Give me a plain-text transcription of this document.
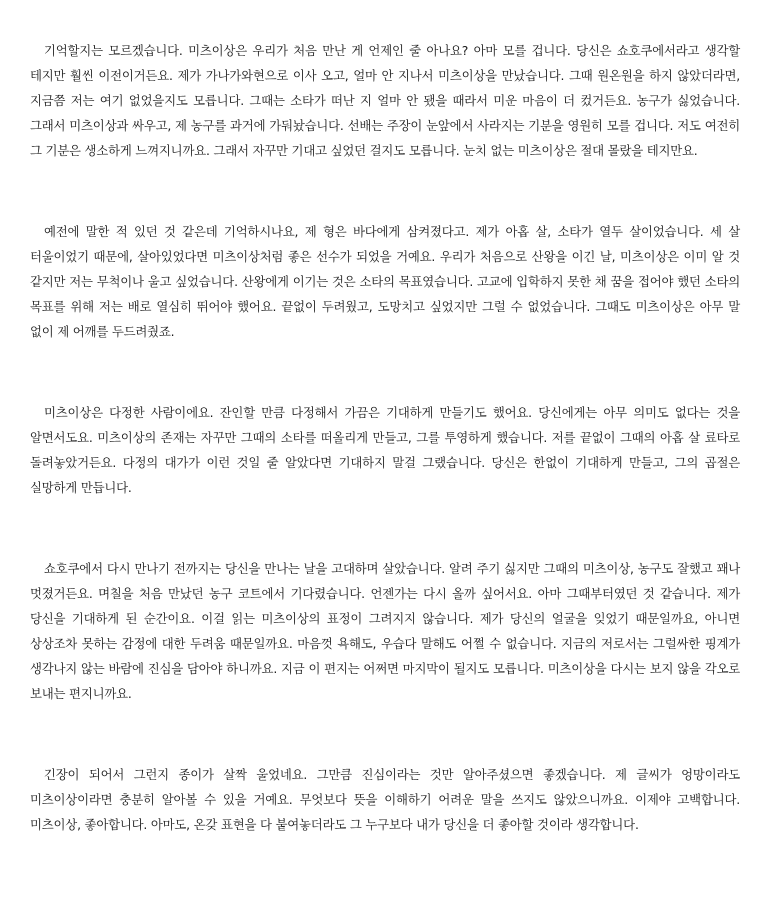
기억할지는 모르겠습니다. 미츠이상은 우리가 처음 만난 게 언제인 줄 아나요? 아마 모를 겁니다. 당신은 쇼호쿠에서라고 생각할 테지만 훨씬 이전이거든요. 제가 가나가와현으로 이사 오고, 얼마 안 지나서 미츠이상을 만났습니다. 그때 원온원을 하지 않았더라면, 지금쯤 저는 여기 없었을지도 모릅니다. 그때는 소타가 떠난 지 얼마 안 됐을 때라서 미운 마음이 더 컸거든요. 농구가 싫었습니다. 그래서 미츠이상과 싸우고, 제 농구를 과거에 가둬놨습니다. 선배는 주장이 눈앞에서 사라지는 기분을 영원히 모를 겁니다. 저도 여전히 그 기분은 생소하게 느껴지니까요. 그래서 자꾸만 기대고 싶었던 걸지도 모릅니다. 눈치 없는 미츠이상은 절대 몰랐을 테지만요.

예전에 말한 적 있던 것 같은데 기억하시나요, 제 형은 바다에게 삼켜졌다고. 제가 아홉 살, 소타가 열두 살이었습니다. 세 살 터울이었기 때문에, 살아있었다면 미츠이상처럼 좋은 선수가 되었을 거예요. 우리가 처음으로 산왕을 이긴 날, 미츠이상은 이미 알 것 같지만 저는 무척이나 울고 싶었습니다. 산왕에게 이기는 것은 소타의 목표였습니다. 고교에 입학하지 못한 채 꿈을 접어야 했던 소타의 목표를 위해 저는 배로 열심히 뛰어야 했어요. 끝없이 두려웠고, 도망치고 싶었지만 그럴 수 없었습니다. 그때도 미츠이상은 아무 말 없이 제 어깨를 두드려줬죠.

미츠이상은 다정한 사람이에요. 잔인할 만큼 다정해서 가끔은 기대하게 만들기도 했어요. 당신에게는 아무 의미도 없다는 것을 알면서도요. 미츠이상의 존재는 자꾸만 그때의 소타를 떠올리게 만들고, 그를 투영하게 했습니다. 저를 끝없이 그때의 아홉 살 료타로 돌려놓았거든요. 다정의 대가가 이런 것일 줄 알았다면 기대하지 말걸 그랬습니다. 당신은 한없이 기대하게 만들고, 그의 곱절은 실망하게 만듭니다.

쇼호쿠에서 다시 만나기 전까지는 당신을 만나는 날을 고대하며 살았습니다. 알려 주기 싫지만 그때의 미츠이상, 농구도 잘했고 꽤나 멋졌거든요. 며칠을 처음 만났던 농구 코트에서 기다렸습니다. 언젠가는 다시 올까 싶어서요. 아마 그때부터였던 것 같습니다. 제가 당신을 기대하게 된 순간이요. 이걸 읽는 미츠이상의 표정이 그려지지 않습니다. 제가 당신의 얼굴을 잊었기 때문일까요, 아니면 상상조차 못하는 감정에 대한 두려움 때문일까요. 마음껏 욕해도, 우습다 말해도 어쩔 수 없습니다. 지금의 저로서는 그럴싸한 핑계가 생각나지 않는 바람에 진심을 담아야 하니까요. 지금 이 편지는 어쩌면 마지막이 될지도 모릅니다. 미츠이상을 다시는 보지 않을 각오로 보내는 편지니까요.

긴장이 되어서 그런지 종이가 살짝 울었네요. 그만큼 진심이라는 것만 알아주셨으면 좋겠습니다. 제 글씨가 엉망이라도 미츠이상이라면 충분히 알아볼 수 있을 거예요. 무엇보다 뜻을 이해하기 어려운 말을 쓰지도 않았으니까요. 이제야 고백합니다. 미츠이상, 좋아합니다. 아마도, 온갖 표현을 다 붙여놓더라도 그 누구보다 내가 당신을 더 좋아할 것이라 생각합니다.
